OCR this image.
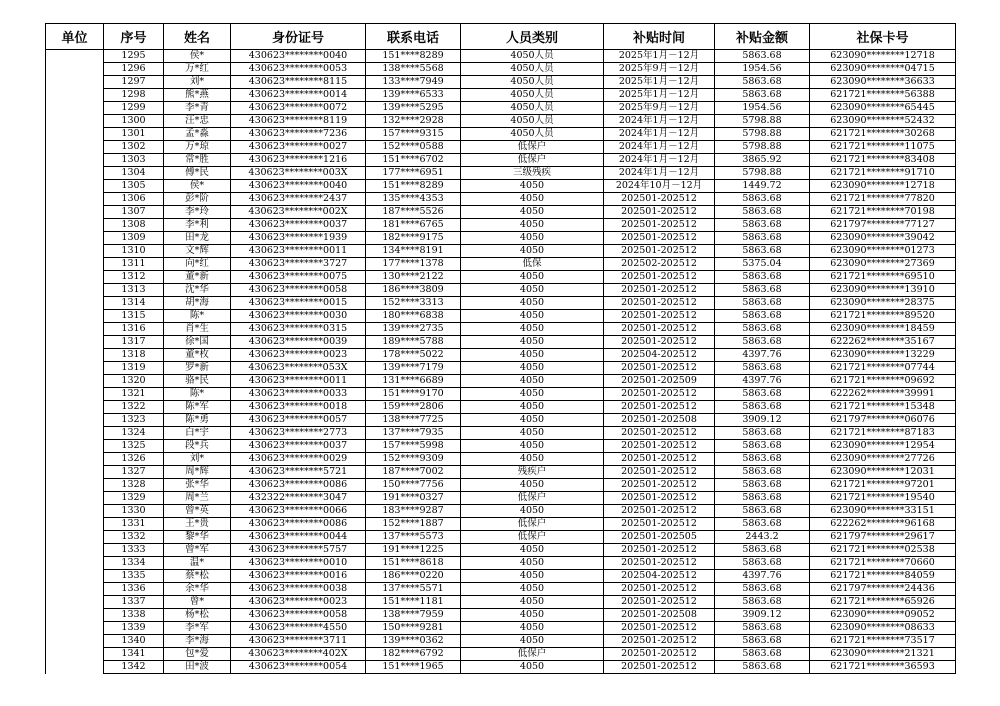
单位	序号	姓名	身份证号	联系电话	人员类别	补贴时间	补贴金额	社保卡号
	1295	侯*	430623********0040	151****8289	4050人员	2025年1月－12月	5863.68	623090********12718
	1296	万*红	430623********0053	138****5568	4050人员	2025年9月－12月	1954.56	623090********04715
	1297	刘*	430623********8115	133****7949	4050人员	2025年1月－12月	5863.68	623090********36633
	1298	熊*燕	430623********0014	139****6533	4050人员	2025年1月－12月	5863.68	621721********56388
	1299	李*青	430623********0072	139****5295	4050人员	2025年9月－12月	1954.56	623090********65445
	1300	汪*忠	430623********8119	132****2928	4050人员	2024年1月－12月	5798.88	623090********52432
	1301	孟*淼	430623********7236	157****9315	4050人员	2024年1月－12月	5798.88	621721********30268
	1302	万*琼	430623********0027	152****0588	低保户	2024年1月－12月	5798.88	621721********11075
	1303	常*胜	430623********1216	151****6702	低保户	2024年1月－12月	3865.92	621721********83408
	1304	傅*民	430623********003X	177****6951	三级残疾	2024年1月－12月	5798.88	621721********91710
	1305	侯*	430623********0040	151****8289	4050	2024年10月－12月	1449.72	623090********12718
	1306	彭*阶	430623********2437	135****4353	4050	202501-202512	5863.68	621721********77820
	1307	李*玲	430623********002X	187****5526	4050	202501-202512	5863.68	621721********70198
	1308	李*利	430623********0037	181****6765	4050	202501-202512	5863.68	621797********77127
	1309	田*龙	430623********1939	182****9175	4050	202501-202512	5863.68	623090********39042
	1310	文*辉	430623********0011	134****8191	4050	202501-202512	5863.68	623090********01273
	1311	向*红	430623********3727	177****1378	低保	202502-202512	5375.04	623090********27369
	1312	董*新	430623********0075	130****2122	4050	202501-202512	5863.68	621721********69510
	1313	沈*华	430623********0058	186****3809	4050	202501-202512	5863.68	623090********13910
	1314	胡*海	430623********0015	152****3313	4050	202501-202512	5863.68	623090********28375
	1315	陈*	430623********0030	180****6838	4050	202501-202512	5863.68	621721********89520
	1316	肖*生	430623********0315	139****2735	4050	202501-202512	5863.68	623090********18459
	1317	徐*国	430623********0039	189****5788	4050	202501-202512	5863.68	622262********35167
	1318	董*枚	430623********0023	178****5022	4050	202504-202512	4397.76	623090********13229
	1319	罗*新	430623********053X	139****7179	4050	202501-202512	5863.68	621721********07744
	1320	骆*民	430623********0011	131****6689	4050	202501-202509	4397.76	621721********09692
	1321	陈*	430623********0033	151****9170	4050	202501-202512	5863.68	622262********39991
	1322	陈*军	430623********0018	159****2806	4050	202501-202512	5863.68	621721********15348
	1323	陈*勇	430623********0057	138****7725	4050	202501-202508	3909.12	621797********06076
	1324	白*宇	430623********2773	137****7935	4050	202501-202512	5863.68	621721********87183
	1325	段*兵	430623********0037	157****5998	4050	202501-202512	5863.68	623090********12954
	1326	刘*	430623********0029	152****9309	4050	202501-202512	5863.68	623090********27726
	1327	周*辉	430623********5721	187****7002	残疾户	202501-202512	5863.68	623090********12031
	1328	张*华	430623********0086	150****7756	4050	202501-202512	5863.68	621721********97201
	1329	周*兰	432322********3047	191****0327	低保户	202501-202512	5863.68	621721********19540
	1330	曾*英	430623********0066	183****9287	4050	202501-202512	5863.68	623090********33151
	1331	王*贵	430623********0086	152****1887	低保户	202501-202512	5863.68	622262********96168
	1332	黎*华	430623********0044	137****5573	低保户	202501-202505	2443.2	621797********29617
	1333	曾*军	430623********5757	191****1225	4050	202501-202512	5863.68	621721********02538
	1334	温*	430623********0010	151****8618	4050	202501-202512	5863.68	621721********70660
	1335	蔡*松	430623********0016	186****0220	4050	202504-202512	4397.76	621721********84059
	1336	余*华	430623********0038	137****5571	4050	202501-202512	5863.68	621797********24436
	1337	曾*	430623********0023	151****1181	4050	202501-202512	5863.68	621721********65926
	1338	杨*松	430623********0058	138****7959	4050	202501-202508	3909.12	623090********09052
	1339	李*军	430623********4550	150****9281	4050	202501-202512	5863.68	623090********08633
	1340	李*海	430623********3711	139****0362	4050	202501-202512	5863.68	621721********73517
	1341	包*爱	430623********402X	182****6792	低保户	202501-202512	5863.68	623090********21321
	1342	田*波	430623********0054	151****1965	4050	202501-202512	5863.68	621721********36593
